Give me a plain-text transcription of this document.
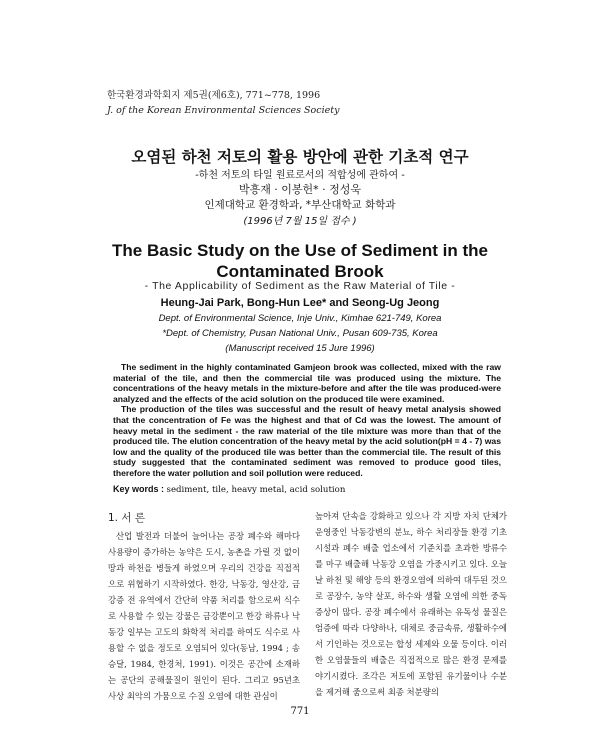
한국환경과학회지 제5권(제6호), 771~778, 1996
J. of the Korean Environmental Sciences Society
오염된 하천 저토의 활용 방안에 관한 기초적 연구
-하천 저토의 타일 원료로서의 적합성에 관하여 -
박흥재 · 이봉헌* · 정성욱
인제대학교 환경학과, *부산대학교 화학과
(1996년 7월 15일 접수 )
The Basic Study on the Use of Sediment in the
Contaminated Brook
- The Applicability of Sediment as the Raw Material of Tile -
Heung-Jai Park, Bong-Hun Lee* and Seong-Ug Jeong
Dept. of Environmental Science, Inje Univ., Kimhae 621-749, Korea
*Dept. of Chemistry, Pusan National Univ., Pusan 609-735, Korea
(Manuscript received 15 Jure 1996)

The sediment in the highly contaminated Gamjeon brook was collected, mixed with the raw material of the tile, and then the commercial tile was produced using the mixture. The concentrations of the heavy metals in the mixture-before and after the tile was produced-were analyzed and the effects of the acid solution on the produced tile were examined.

The production of the tiles was successful and the result of heavy metal analysis showed that the concentration of Fe was the highest and that of Cd was the lowest. The amount of heavy metal in the sediment - the raw material of the tile mixture was more than that of the produced tile. The elution concentration of the heavy metal by the acid solution(pH = 4 - 7) was low and the quality of the produced tile was better than the commercial tile. The result of this study suggested that the contaminated sediment was removed to produce good tiles, therefore the water pollution and soil pollution were reduced.

Key words : sediment, tile, heavy metal, acid solution
1. 서 론

산업 발전과 더불어 늘어나는 공장 폐수와 해마다 사용량이 증가하는 농약은 도시, 농촌을 가릴 것 없이 땅과 하천을 병들게 하였으며 우리의 건강을 직접적으로 위협하기 시작하였다. 한강, 낙동강, 영산강, 금강증 전 유역에서 간단히 약품 처리를 함으로써 식수로 사용할 수 있는 강물은 금강뿐이고 한강 하류나 낙동강 일부는 고도의 화학적 처리를 하여도 식수로 사용할 수 없을 정도로 오염되어 있다(동남, 1994 ; 송 승달, 1984, 한경처, 1991). 이것은 공간에 소재하는 공단의 공해물질이 원인이 된다. 그리고 95년초 사상 최악의 가뭄으로 수질 오염에 대한 관심이

높아져 단속을 강화하고 있으나 각 지방 자치 단체가 운영중인 낙동강변의 분뇨, 하수 처리장들 환경 기초 시설과 폐수 배출 업소에서 기준치를 초과한 방류수를 마구 배출해 낙동강 오염을 가중시키고 있다. 오늘날 하천 및 해양 등의 환경오염에 의하여 대두된 것으로 공장수, 농약 살포, 하수와 생활 오염에 의한 중독 증상이 많다. 공장 폐수에서 유래하는 유독성 물질은 엄증에 따라 다양하나, 대체로 중금속류, 생활하수에서 기인하는 것으로는 합성 세제와 오물 등이다. 이러한 오염물들의 배출은 직접적으로 많은 환경 문제를 야기시켰다. 조각은 저토에 포함된 유기물이나 수분을 제거해 줌으로써 최종 처분량의

771
